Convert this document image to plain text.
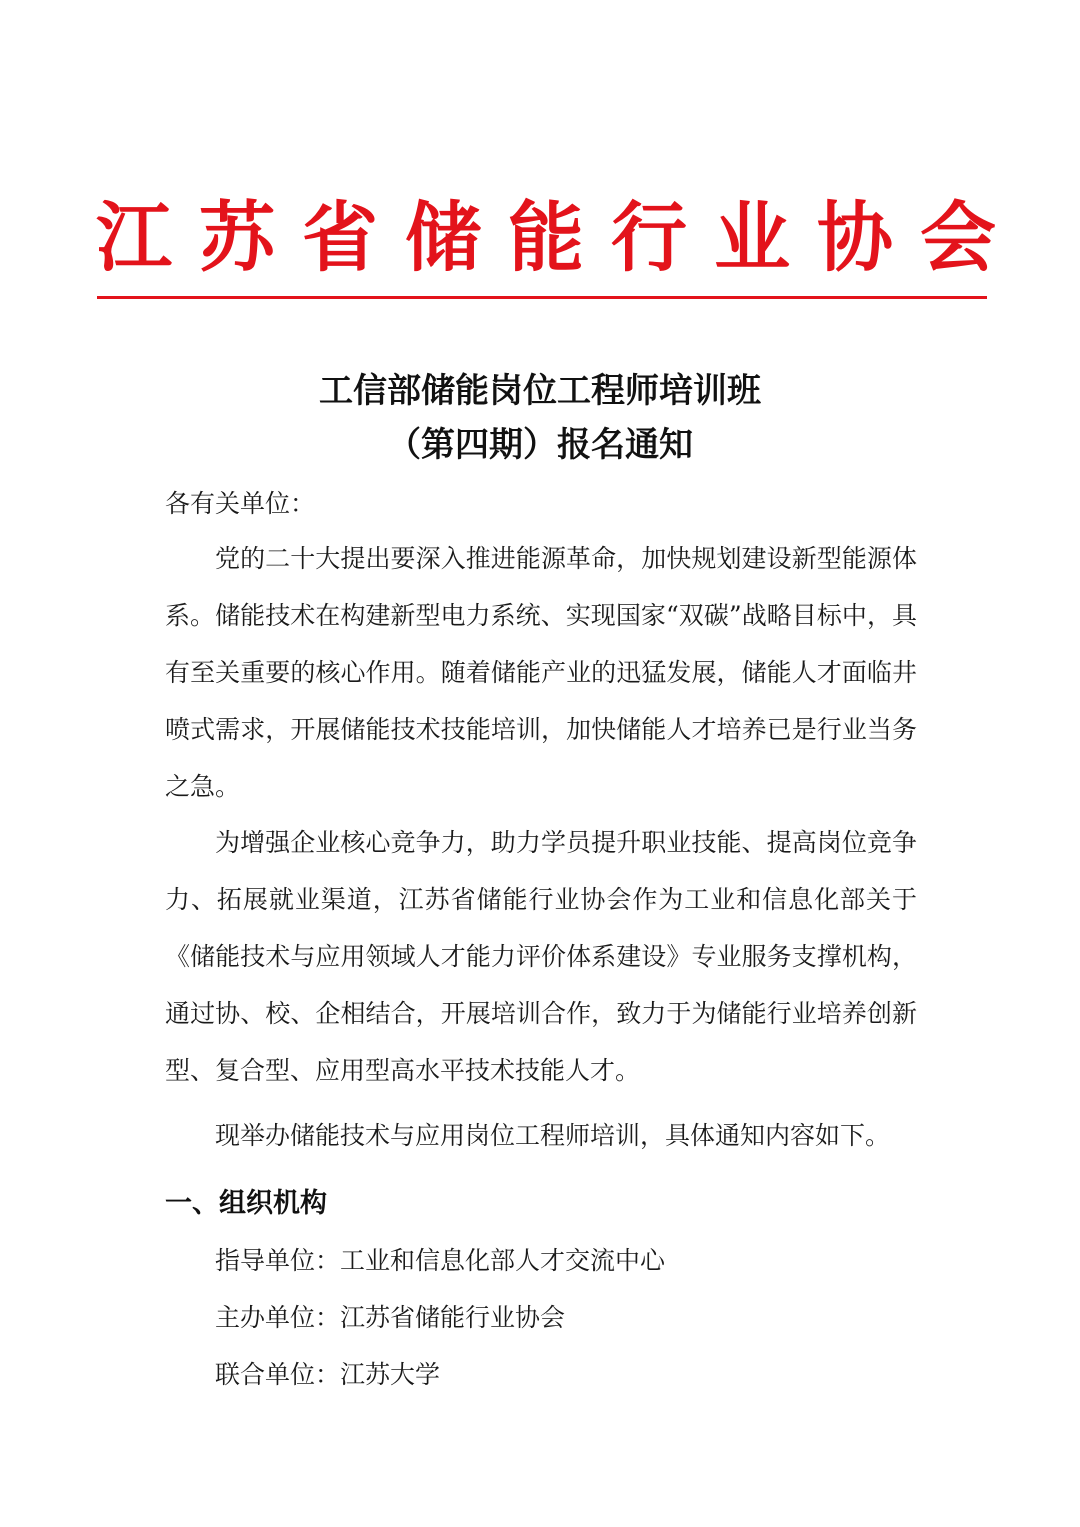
江 苏 省 储 能 行 业 协 会
工信部储能岗位工程师培训班
（第四期）报名通知

各有关单位：

党的二十大提出要深入推进能源革命，加快规划建设新型能源体系。储能技术在构建新型电力系统、实现国家“双碳”战略目标中，具有至关重要的核心作用。随着储能产业的迅猛发展，储能人才面临井喷式需求，开展储能技术技能培训，加快储能人才培养已是行业当务之急。

为增强企业核心竞争力，助力学员提升职业技能、提高岗位竞争力、拓展就业渠道，江苏省储能行业协会作为工业和信息化部关于《储能技术与应用领域人才能力评价体系建设》专业服务支撑机构，通过协、校、企相结合，开展培训合作，致力于为储能行业培养创新型、复合型、应用型高水平技术技能人才。

现举办储能技术与应用岗位工程师培训，具体通知内容如下。

一、组织机构
指导单位：工业和信息化部人才交流中心
主办单位：江苏省储能行业协会
联合单位：江苏大学
